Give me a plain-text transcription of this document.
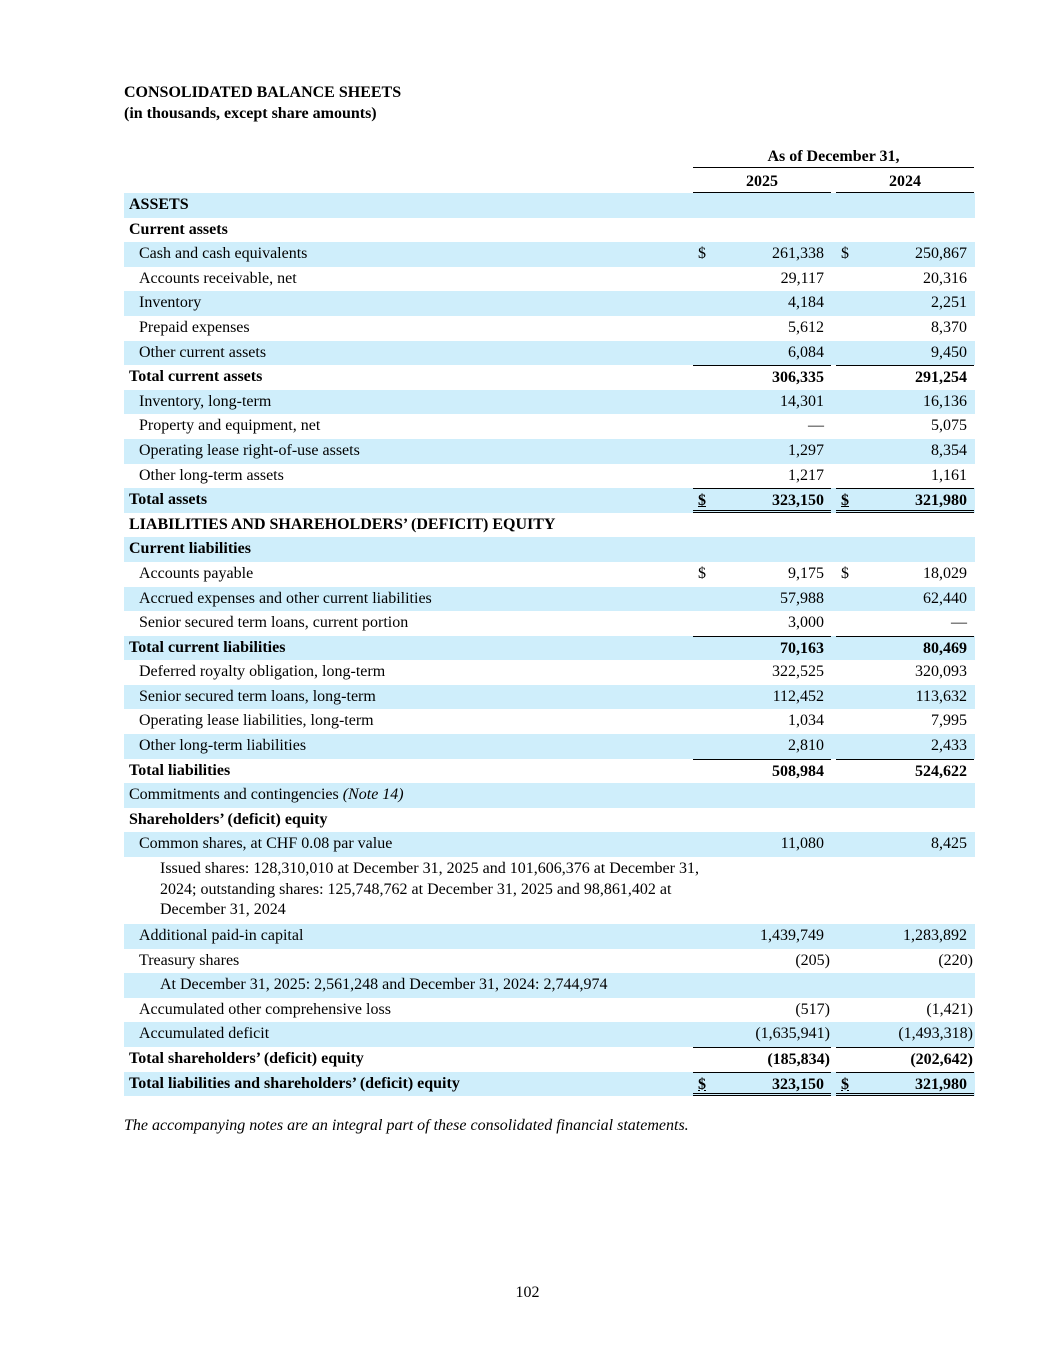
CONSOLIDATED BALANCE SHEETS
(in thousands, except share amounts)
As of December 31,
2025	2024
ASSETS
Current assets
Cash and cash equivalents	$	261,338 $	250,867
Accounts receivable, net	29,117	20,316
Inventory	4,184	2,251
Prepaid expenses	5,612	8,370
Other current assets	6,084	9,450
Total current assets	306,335	291,254
Inventory, long-term	14,301	16,136
Property and equipment, net	—	5,075
Operating lease right-of-use assets	1,297	8,354
Other long-term assets	1,217	1,161
Total assets	$	323,150 $	321,980
LIABILITIES AND SHAREHOLDERS’ (DEFICIT) EQUITY
Current liabilities
Accounts payable	$	9,175 $	18,029
Accrued expenses and other current liabilities	57,988	62,440
Senior secured term loans, current portion	3,000	—
Total current liabilities	70,163	80,469
Deferred royalty obligation, long-term	322,525	320,093
Senior secured term loans, long-term	112,452	113,632
Operating lease liabilities, long-term	1,034	7,995
Other long-term liabilities	2,810	2,433
Total liabilities	508,984	524,622
Commitments and contingencies (Note 14)
Shareholders’ (deficit) equity
Common shares, at CHF 0.08 par value	11,080	8,425
Issued shares: 128,310,010 at December 31, 2025 and 101,606,376 at December 31, 2024; outstanding shares: 125,748,762 at December 31, 2025 and 98,861,402 at December 31, 2024
Additional paid-in capital	1,439,749	1,283,892
Treasury shares	(205)	(220)
At December 31, 2025: 2,561,248 and December 31, 2024: 2,744,974
Accumulated other comprehensive loss	(517)	(1,421)
Accumulated deficit	(1,635,941)	(1,493,318)
Total shareholders’ (deficit) equity	(185,834)	(202,642)
Total liabilities and shareholders’ (deficit) equity	$	323,150 $	321,980
The accompanying notes are an integral part of these consolidated financial statements.
102
